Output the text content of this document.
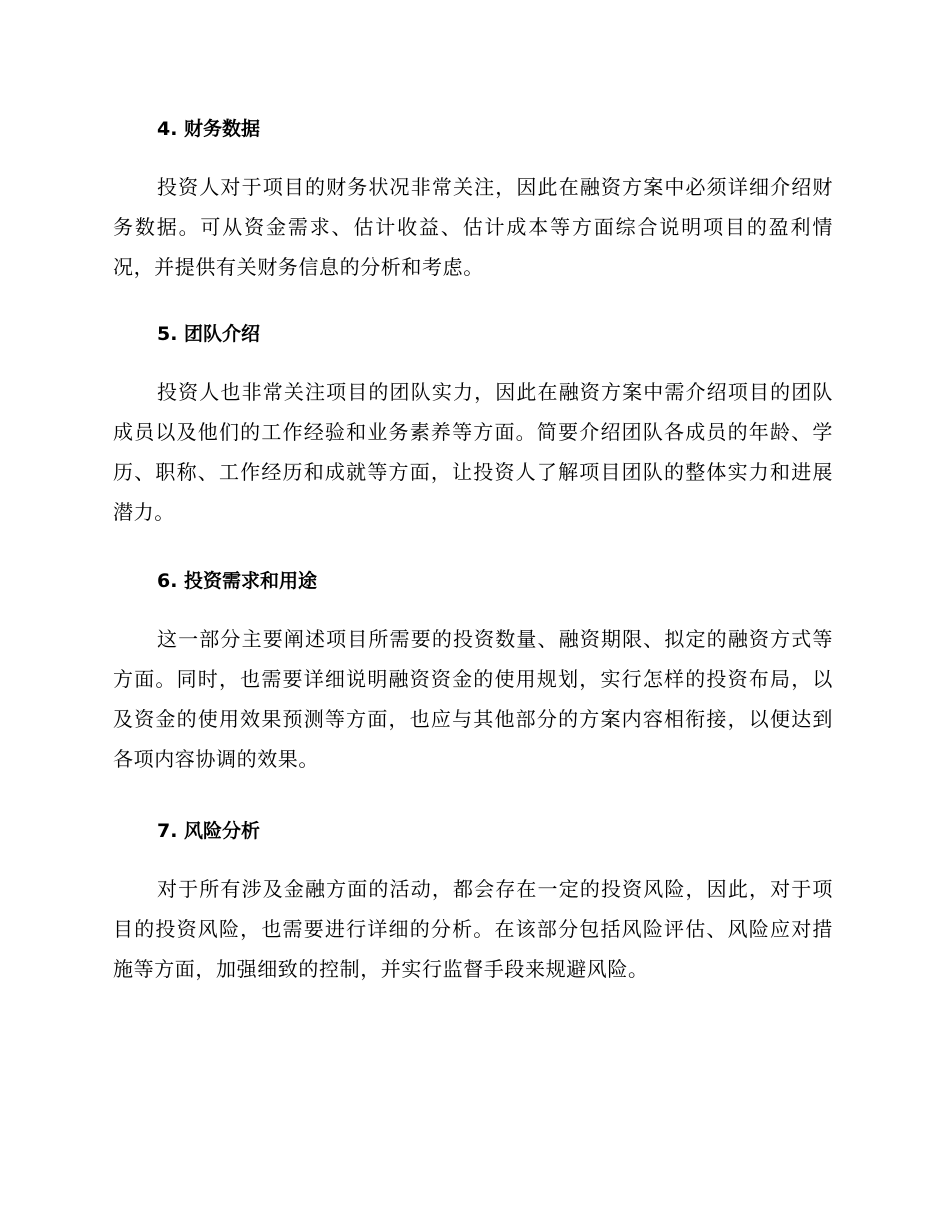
4. 财务数据

投资人对于项目的财务状况非常关注，因此在融资方案中必须详细介绍财务数据。可从资金需求、估计收益、估计成本等方面综合说明项目的盈利情况，并提供有关财务信息的分析和考虑。

5. 团队介绍

投资人也非常关注项目的团队实力，因此在融资方案中需介绍项目的团队成员以及他们的工作经验和业务素养等方面。简要介绍团队各成员的年龄、学历、职称、工作经历和成就等方面，让投资人了解项目团队的整体实力和进展潜力。

6. 投资需求和用途

这一部分主要阐述项目所需要的投资数量、融资期限、拟定的融资方式等方面。同时，也需要详细说明融资资金的使用规划，实行怎样的投资布局，以及资金的使用效果预测等方面，也应与其他部分的方案内容相衔接，以便达到各项内容协调的效果。

7. 风险分析

对于所有涉及金融方面的活动，都会存在一定的投资风险，因此，对于项目的投资风险，也需要进行详细的分析。在该部分包括风险评估、风险应对措施等方面，加强细致的控制，并实行监督手段来规避风险。
